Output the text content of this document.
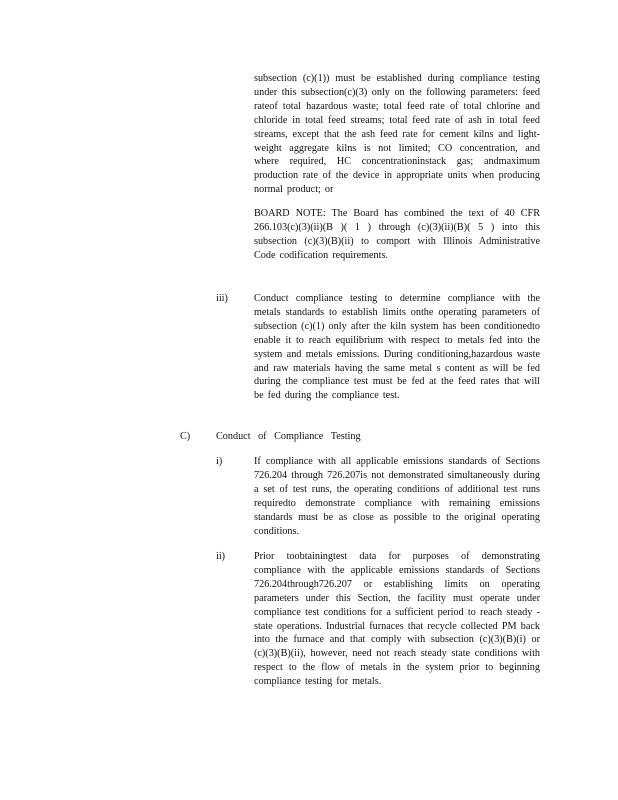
subsection (c)(1)) must be established during compliance testing under this subsection(c)(3) only on the following parameters: feed rateof total hazardous waste; total feed rate of total chlorine and chloride in total feed streams; total feed rate of ash in total feed streams, except that the ash feed rate for cement kilns and light-weight aggregate kilns is not limited; CO concentration, and where required, HC concentrationinstack gas; andmaximum production rate of the device in appropriate units when producing normal product; or

BOARD NOTE: The Board has combined the text of 40 CFR 266.103(c)(3)(ii)(B )( 1 ) through (c)(3)(ii)(B)( 5 ) into this subsection (c)(3)(B)(ii) to comport with Illinois Administrative Code codification requirements.

iii)	Conduct compliance testing to determine compliance with the metals standards to establish limits onthe operating parameters of subsection (c)(1) only after the kiln system has been conditionedto enable it to reach equilibrium with respect to metals fed into the system and metals emissions. During conditioning,hazardous waste and raw materials having the same metal s content as will be fed during the compliance test must be fed at the feed rates that will be fed during the compliance test.

C)	Conduct of Compliance Testing
i)	If compliance with all applicable emissions standards of Sections 726.204 through 726.207is not demonstrated simultaneously during a set of test runs, the operating conditions of additional test runs requiredto demonstrate compliance with remaining emissions standards must be as close as possible to the original operating conditions.

ii)	Prior toobtainingtest data for purposes of demonstrating compliance with the applicable emissions standards of Sections 726.204through726.207 or establishing limits on operating parameters under this Section, the facility must operate under compliance test conditions for a sufficient period to reach steady -state operations. Industrial furnaces that recycle collected PM back into the furnace and that comply with subsection (c)(3)(B)(i) or (c)(3)(B)(ii), however, need not reach steady state conditions with respect to the flow of metals in the system prior to beginning compliance testing for metals.
